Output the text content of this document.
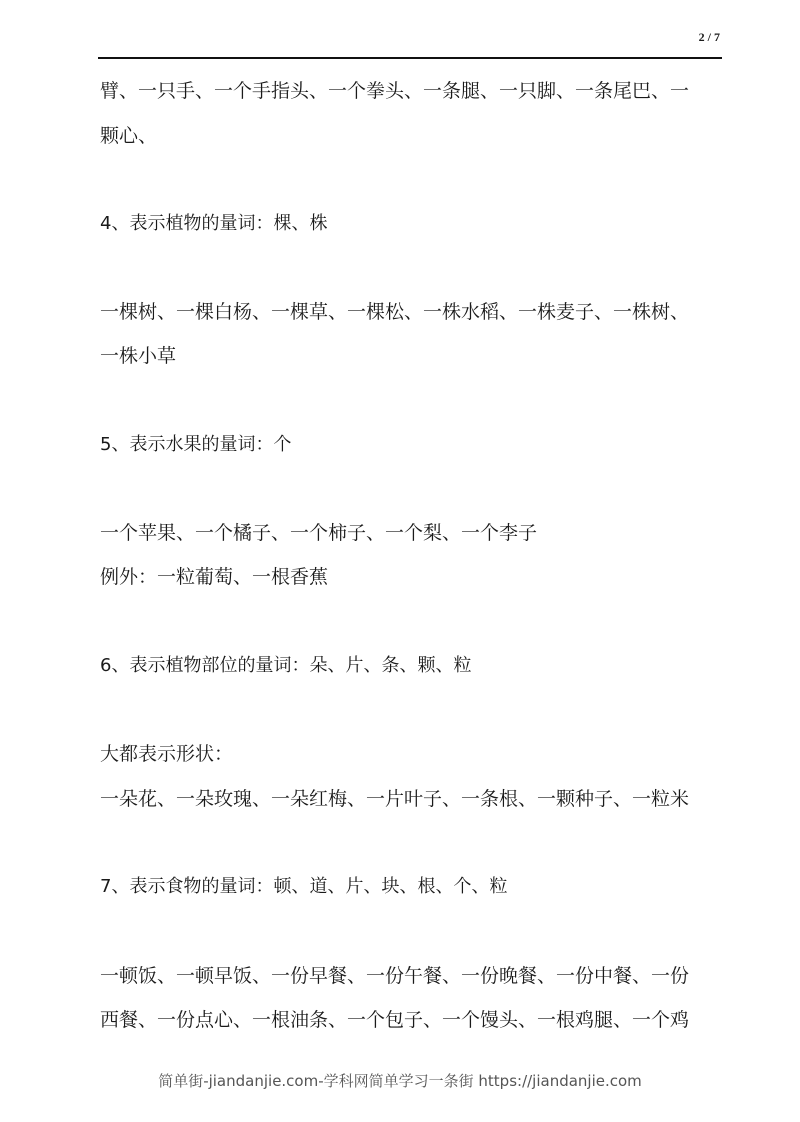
2 / 7
臂、一只手、一个手指头、一个拳头、一条腿、一只脚、一条尾巴、一
颗心、
4、表示植物的量词：棵、株
一棵树、一棵白杨、一棵草、一棵松、一株水稻、一株麦子、一株树、
一株小草
5、表示水果的量词：个
一个苹果、一个橘子、一个柿子、一个梨、一个李子
例外：一粒葡萄、一根香蕉
6、表示植物部位的量词：朵、片、条、颗、粒
大都表示形状：
一朵花、一朵玫瑰、一朵红梅、一片叶子、一条根、一颗种子、一粒米
7、表示食物的量词：顿、道、片、块、根、个、粒
一顿饭、一顿早饭、一份早餐、一份午餐、一份晚餐、一份中餐、一份
西餐、一份点心、一根油条、一个包子、一个馒头、一根鸡腿、一个鸡
简单街-jiandanjie.com-学科网简单学习一条街 https://jiandanjie.com
